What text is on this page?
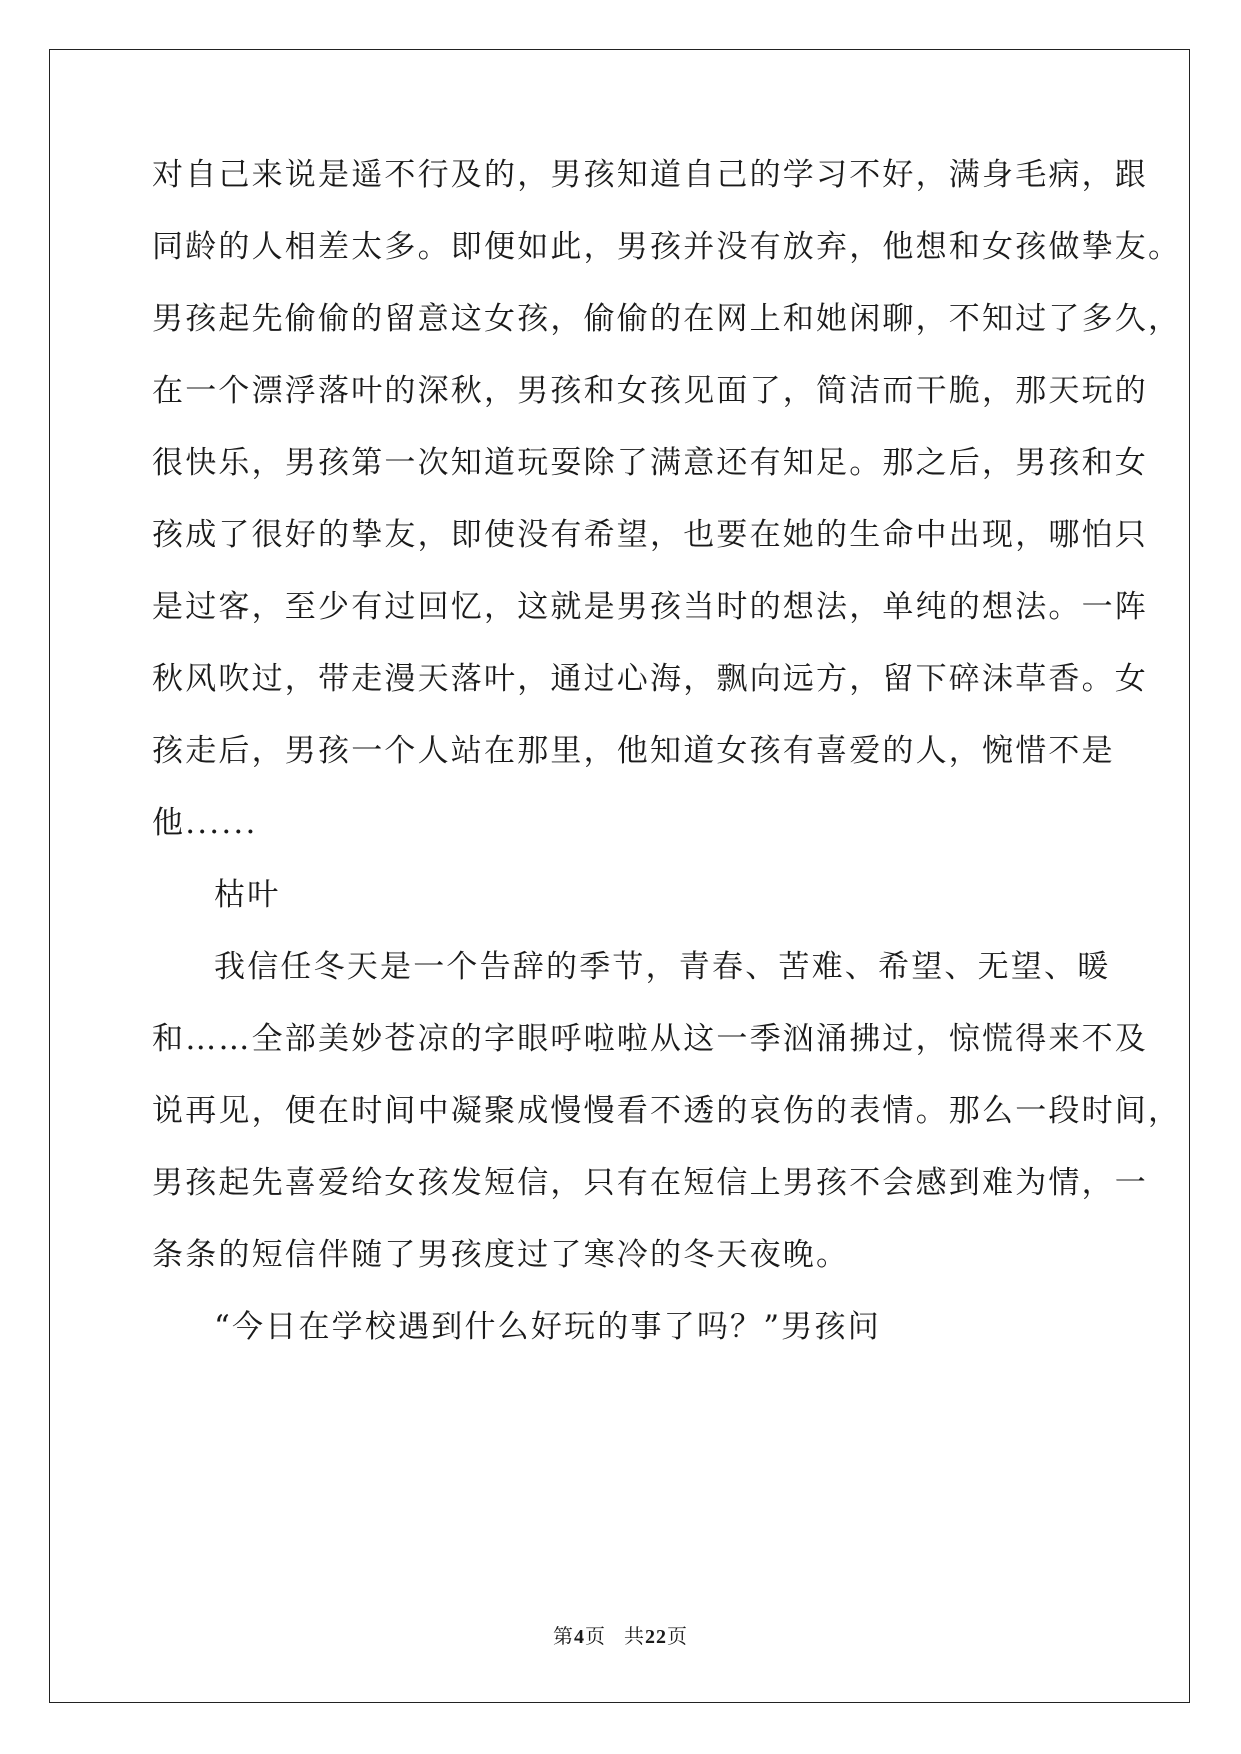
对自己来说是遥不行及的，男孩知道自己的学习不好，满身毛病，跟
同龄的人相差太多。即便如此，男孩并没有放弃，他想和女孩做挚友。
男孩起先偷偷的留意这女孩，偷偷的在网上和她闲聊，不知过了多久，
在一个漂浮落叶的深秋，男孩和女孩见面了，简洁而干脆，那天玩的
很快乐，男孩第一次知道玩耍除了满意还有知足。那之后，男孩和女
孩成了很好的挚友，即使没有希望，也要在她的生命中出现，哪怕只
是过客，至少有过回忆，这就是男孩当时的想法，单纯的想法。一阵
秋风吹过，带走漫天落叶，通过心海，飘向远方，留下碎沫草香。女
孩走后，男孩一个人站在那里，他知道女孩有喜爱的人，惋惜不是
他......
枯叶
我信任冬天是一个告辞的季节，青春、苦难、希望、无望、暖
和……全部美妙苍凉的字眼呼啦啦从这一季汹涌拂过，惊慌得来不及
说再见，便在时间中凝聚成慢慢看不透的哀伤的表情。那么一段时间，
男孩起先喜爱给女孩发短信，只有在短信上男孩不会感到难为情，一
条条的短信伴随了男孩度过了寒冷的冬天夜晚。
“今日在学校遇到什么好玩的事了吗？”男孩问
第4页 共22页
